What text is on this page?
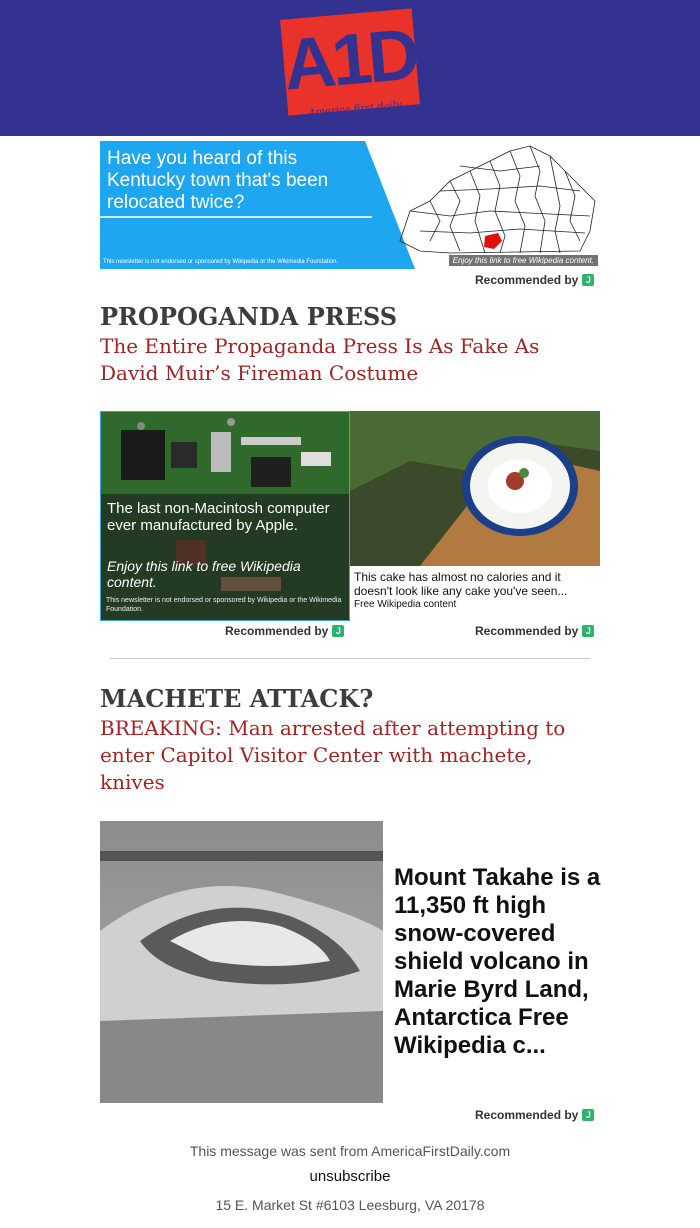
A1D
America first daily
Have you heard of this Kentucky town that's been relocated twice?
This newsletter is not endorsed or sponsored by Wikipedia or the Wikimedia Foundation.	Enjoy this link to free Wikipedia content.
Recommended by J
PROPOGANDA PRESS
The Entire Propaganda Press Is As Fake As David Muir’s Fireman Costume
The last non-Macintosh computer ever manufactured by Apple.
Enjoy this link to free Wikipedia content.
This newsletter is not endorsed or sponsored by Wikipedia or the Wikimedia Foundation.
Recommended by J
This cake has almost no calories and it doesn't look like any cake you've seen...
Free Wikipedia content
Recommended by J
MACHETE ATTACK?
BREAKING: Man arrested after attempting to enter Capitol Visitor Center with machete, knives
Mount Takahe is a 11,350 ft high snow-covered shield volcano in Marie Byrd Land, Antarctica Free Wikipedia c...
Recommended by J
This message was sent from AmericaFirstDaily.com
unsubscribe
15 E. Market St #6103 Leesburg, VA 20178
